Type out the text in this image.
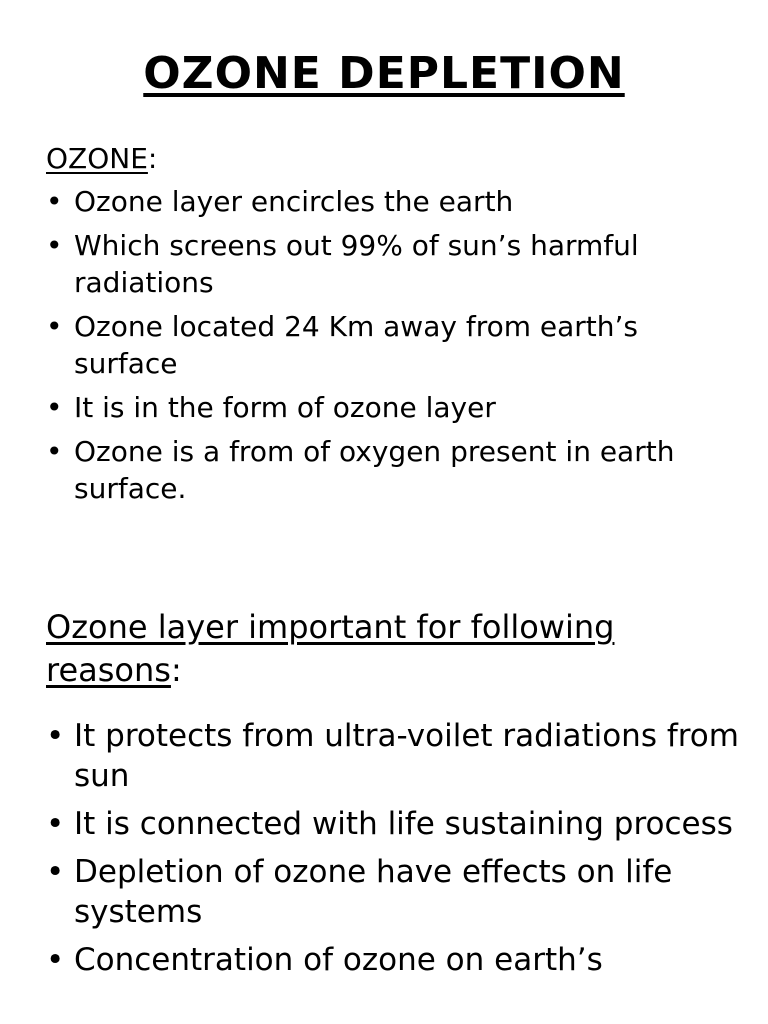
OZONE DEPLETION

OZONE:

• Ozone layer encircles the earth
• Which screens out 99% of sun’s harmful radiations
• Ozone located 24 Km away from earth’s surface
• It is in the form of ozone layer
• Ozone is a from of oxygen present in earth surface.

Ozone layer important for following reasons:

• It protects from ultra-voilet radiations from sun
• It is connected with life sustaining process
• Depletion of ozone have effects on life systems
• Concentration of ozone on earth’s
